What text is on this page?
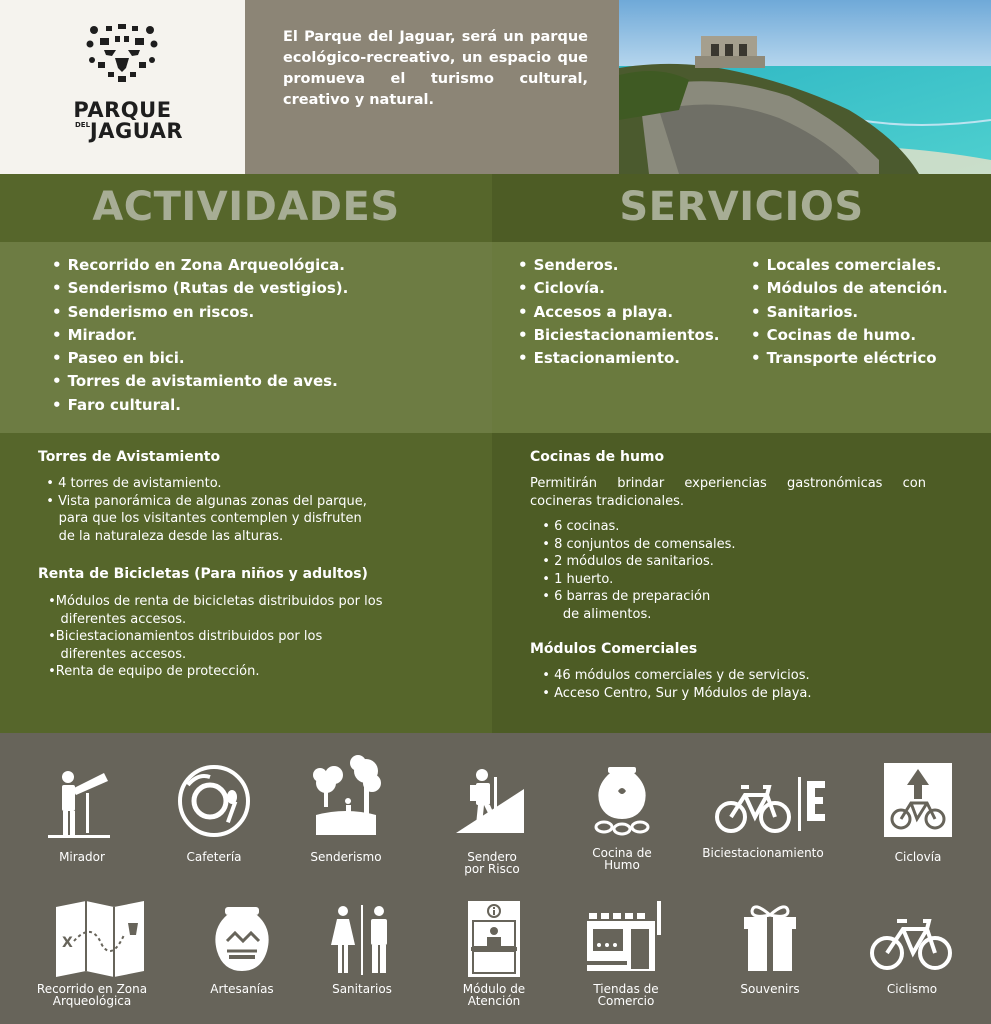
PARQUE
DEL JAGUAR

El Parque del Jaguar, será un parque ecológico-recreativo, un espacio que promueva el turismo cultural, creativo y natural.

ACTIVIDADES	SERVICIOS
• Recorrido en Zona Arqueológica.
• Senderismo (Rutas de vestigios).
• Senderismo en riscos.
• Mirador.
• Paseo en bici.
• Torres de avistamiento de aves.
• Faro cultural.
• Senderos.
• Ciclovía.
• Accesos a playa.
• Biciestacionamientos.
• Estacionamiento.
• Locales comerciales.
• Módulos de atención.
• Sanitarios.
• Cocinas de humo.
• Transporte eléctrico
Torres de Avistamiento
• 4 torres de avistamiento.
• Vista panorámica de algunas zonas del parque,
para que los visitantes contemplen y disfruten
de la naturaleza desde las alturas.
Renta de Bicicletas (Para niños y adultos)
•Módulos de renta de bicicletas distribuidos por los
diferentes accesos.
•Biciestacionamientos distribuidos por los
diferentes accesos.
•Renta de equipo de protección.
Cocinas de humo
Permitirán brindar experiencias gastronómicas con cocineras tradicionales.
• 6 cocinas.
• 8 conjuntos de comensales.
• 2 módulos de sanitarios.
• 1 huerto.
• 6 barras de preparación
de alimentos.
Módulos Comerciales
• 46 módulos comerciales y de servicios.
• Acceso Centro, Sur y Módulos de playa.
Mirador	Cafetería	Senderismo	Sendero
por Risco
Cocina de
Humo
Biciestacionamiento	Ciclovía
X
Recorrido en Zona
Arqueológica
Artesanías	Sanitarios	Módulo de
Atención
Tiendas de
Comercio
Souvenirs	Ciclismo
